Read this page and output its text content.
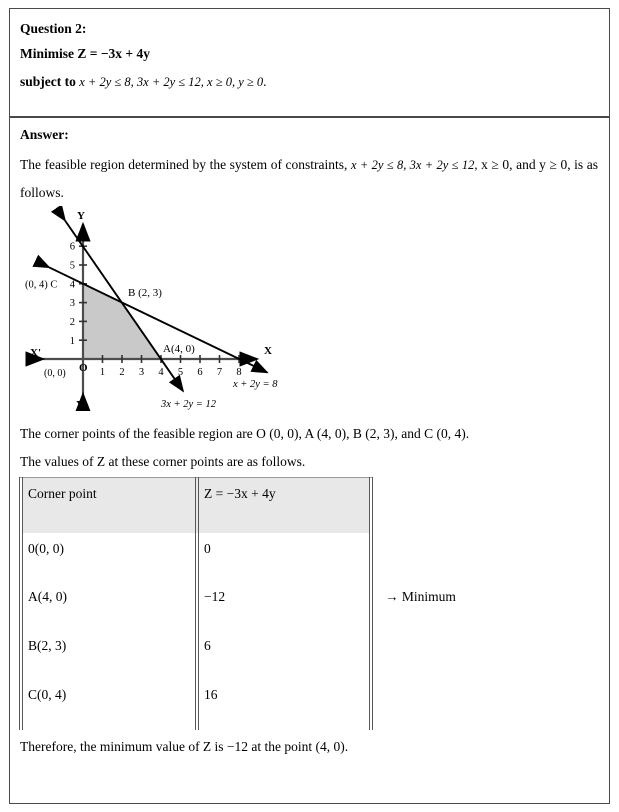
Question 2:
Minimise Z = −3x + 4y
subject to x + 2y ≤ 8, 3x + 2y ≤ 12, x ≥ 0, y ≥ 0.
Answer:
The feasible region determined by the system of constraints, x + 2y ≤ 8, 3x + 2y ≤ 12, x ≥ 0, and y ≥ 0, is as follows.
Y
Y'
X
X'
O
(0, 0)	1 2 3 4 5 6 7 8
1
2
3
4
5
6
(0, 4) C
B (2, 3)
A(4, 0)
x + 2y = 8
3x + 2y = 12
The corner points of the feasible region are O (0, 0), A (4, 0), B (2, 3), and C (0, 4).
The values of Z at these corner points are as follows.
Corner point	Z = −3x + 4y
0(0, 0)	0
A(4, 0)	−12
B(2, 3)	6
C(0, 4)	16
→ Minimum
Therefore, the minimum value of Z is −12 at the point (4, 0).
